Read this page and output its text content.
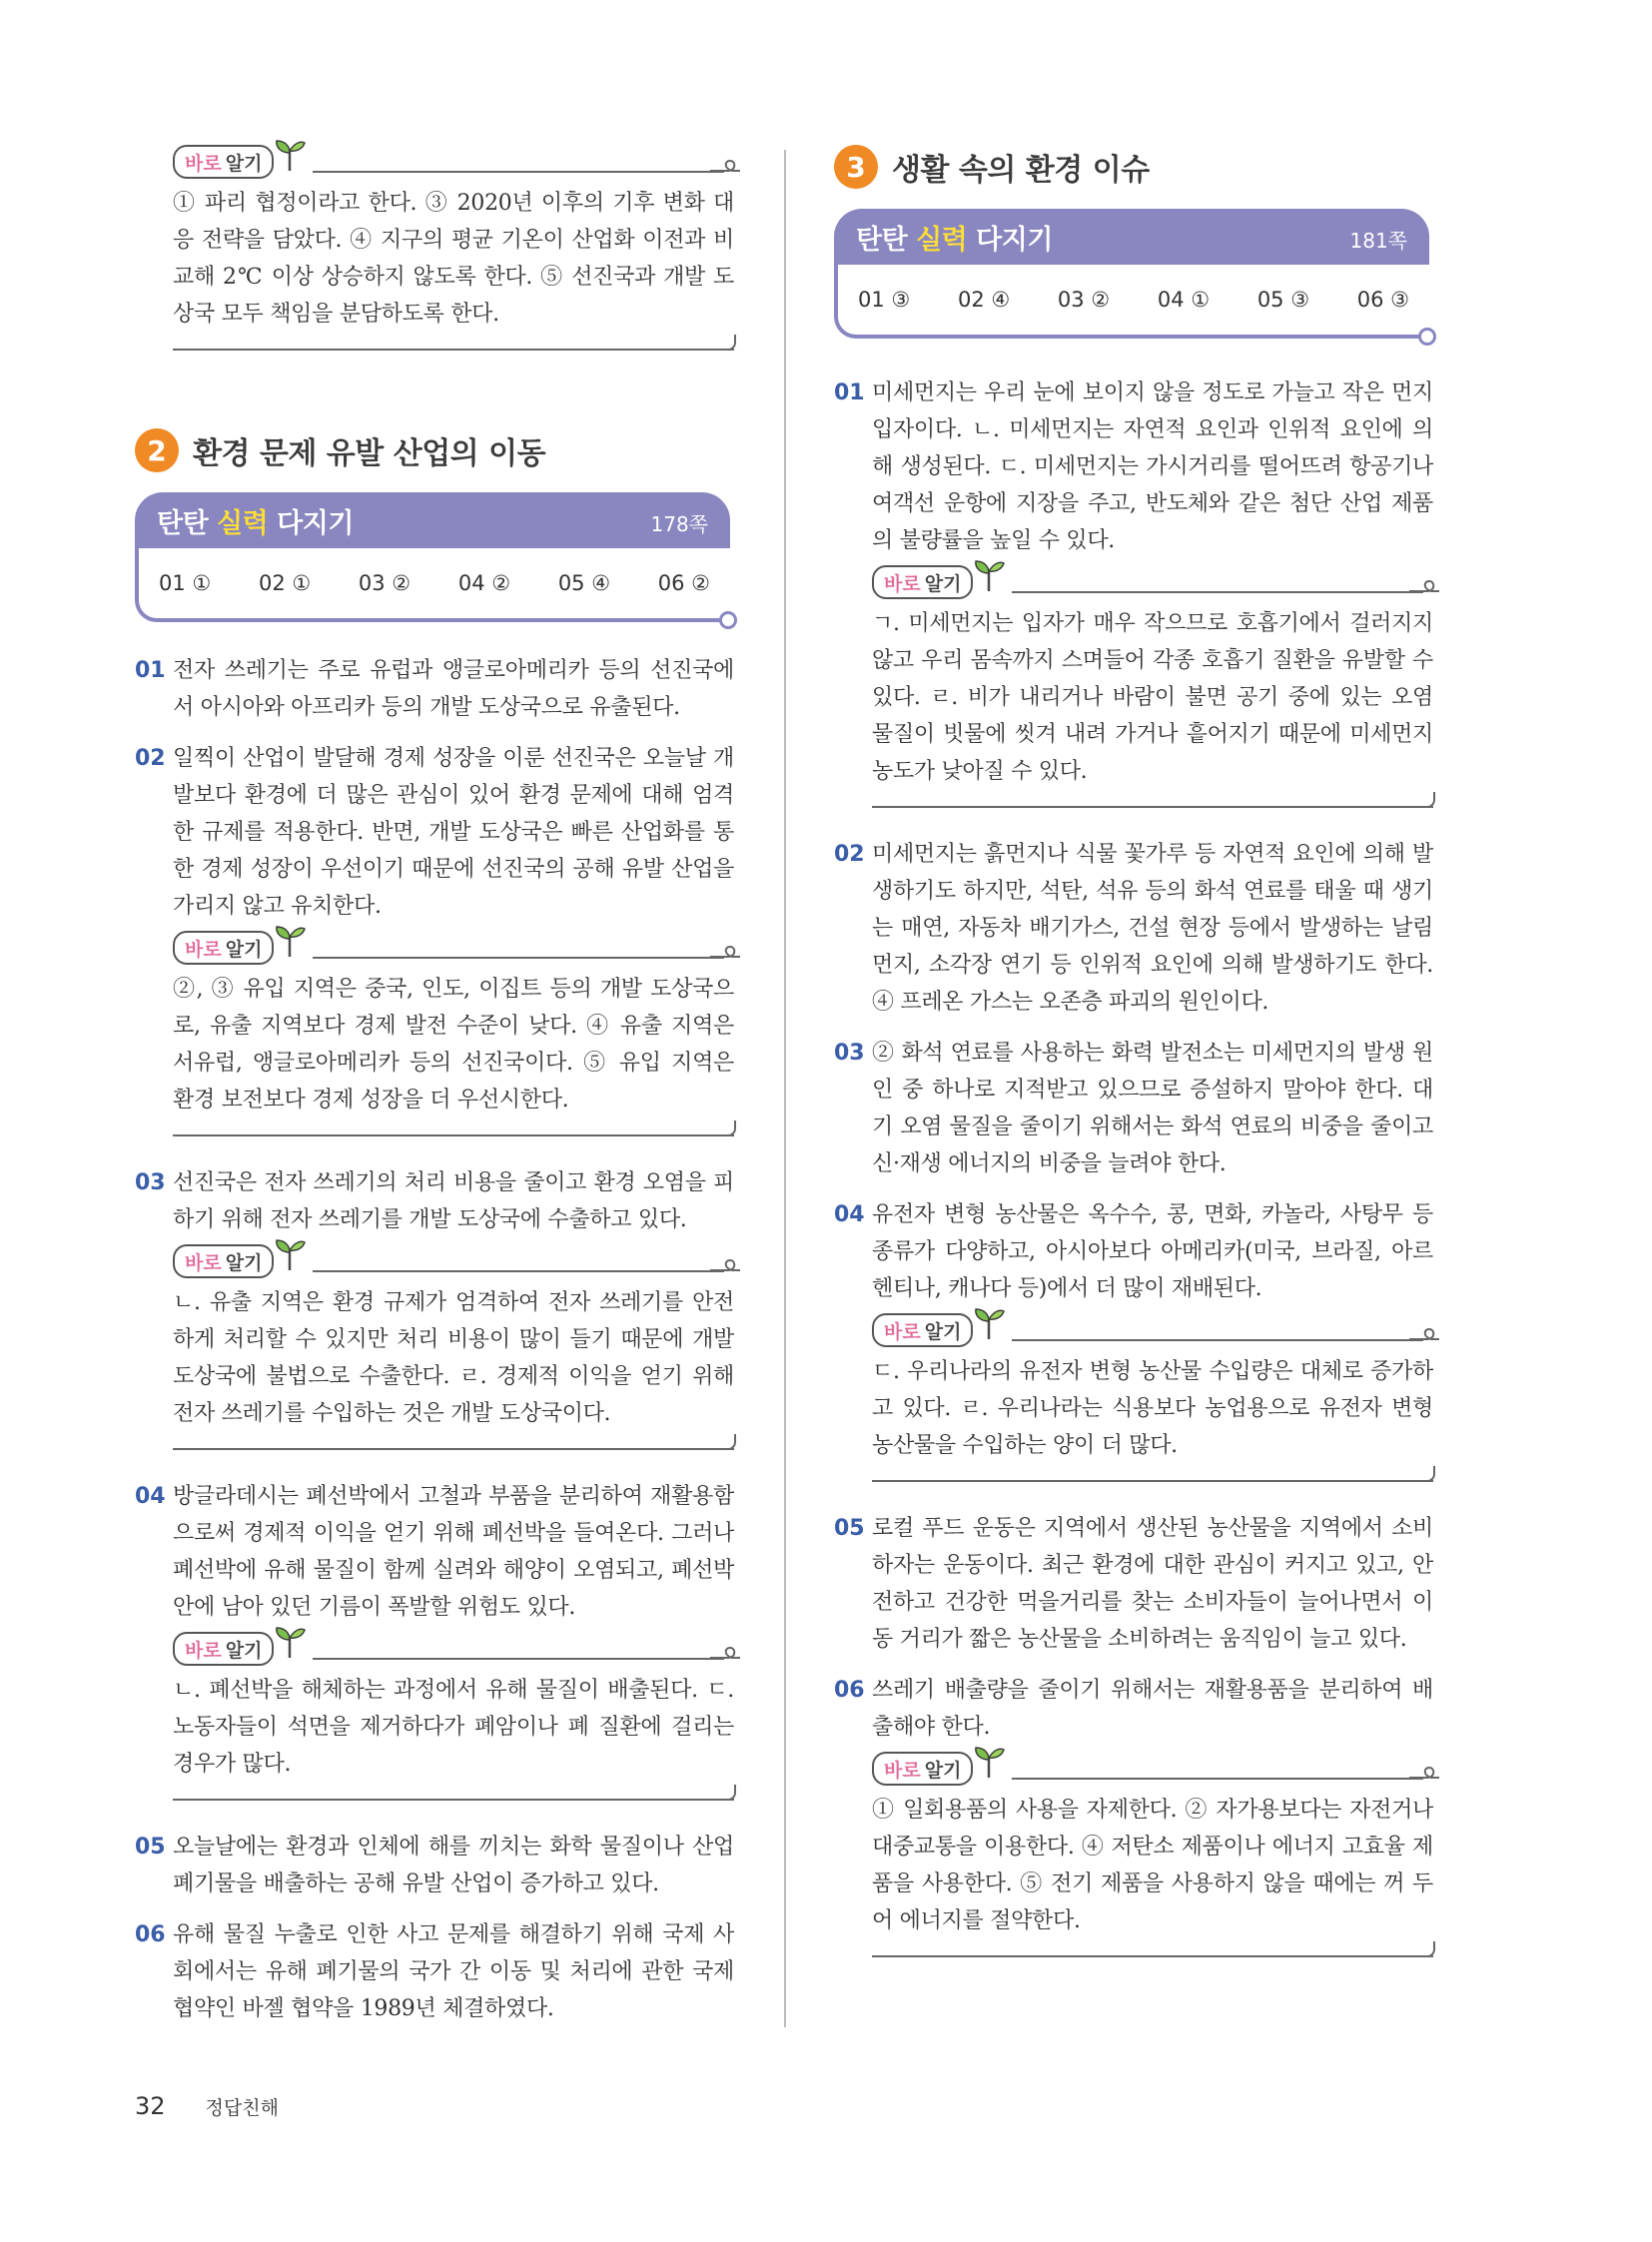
바로 알기

① 파리 협정이라고 한다. ③ 2020년 이후의 기후 변화 대응 전략을 담았다. ④ 지구의 평균 기온이 산업화 이전과 비교해 2℃ 이상 상승하지 않도록 한다. ⑤ 선진국과 개발 도상국 모두 책임을 분담하도록 한다.

2 환경 문제 유발 산업의 이동
탄탄 실력 다지기	178쪽
01 ① 02 ① 03 ② 04 ② 05 ④ 06 ②
01 전자 쓰레기는 주로 유럽과 앵글로아메리카 등의 선진국에서 아시아와 아프리카 등의 개발 도상국으로 유출된다.

02 일찍이 산업이 발달해 경제 성장을 이룬 선진국은 오늘날 개발보다 환경에 더 많은 관심이 있어 환경 문제에 대해 엄격한 규제를 적용한다. 반면, 개발 도상국은 빠른 산업화를 통한 경제 성장이 우선이기 때문에 선진국의 공해 유발 산업을 가리지 않고 유치한다.

바로 알기

②, ③ 유입 지역은 중국, 인도, 이집트 등의 개발 도상국으로, 유출 지역보다 경제 발전 수준이 낮다. ④ 유출 지역은 서유럽, 앵글로아메리카 등의 선진국이다. ⑤ 유입 지역은 환경 보전보다 경제 성장을 더 우선시한다.

03 선진국은 전자 쓰레기의 처리 비용을 줄이고 환경 오염을 피하기 위해 전자 쓰레기를 개발 도상국에 수출하고 있다.

바로 알기

ㄴ. 유출 지역은 환경 규제가 엄격하여 전자 쓰레기를 안전하게 처리할 수 있지만 처리 비용이 많이 들기 때문에 개발 도상국에 불법으로 수출한다. ㄹ. 경제적 이익을 얻기 위해 전자 쓰레기를 수입하는 것은 개발 도상국이다.

04 방글라데시는 폐선박에서 고철과 부품을 분리하여 재활용함으로써 경제적 이익을 얻기 위해 폐선박을 들여온다. 그러나 폐선박에 유해 물질이 함께 실려와 해양이 오염되고, 폐선박 안에 남아 있던 기름이 폭발할 위험도 있다.

바로 알기

ㄴ. 폐선박을 해체하는 과정에서 유해 물질이 배출된다. ㄷ. 노동자들이 석면을 제거하다가 폐암이나 폐 질환에 걸리는 경우가 많다.

05 오늘날에는 환경과 인체에 해를 끼치는 화학 물질이나 산업 폐기물을 배출하는 공해 유발 산업이 증가하고 있다.

06 유해 물질 누출로 인한 사고 문제를 해결하기 위해 국제 사회에서는 유해 폐기물의 국가 간 이동 및 처리에 관한 국제 협약인 바젤 협약을 1989년 체결하였다.

3 생활 속의 환경 이슈
탄탄 실력 다지기	181쪽
01 ③ 02 ④ 03 ② 04 ① 05 ③ 06 ③
01 미세먼지는 우리 눈에 보이지 않을 정도로 가늘고 작은 먼지 입자이다. ㄴ. 미세먼지는 자연적 요인과 인위적 요인에 의해 생성된다. ㄷ. 미세먼지는 가시거리를 떨어뜨려 항공기나 여객선 운항에 지장을 주고, 반도체와 같은 첨단 산업 제품의 불량률을 높일 수 있다.

바로 알기

ㄱ. 미세먼지는 입자가 매우 작으므로 호흡기에서 걸러지지 않고 우리 몸속까지 스며들어 각종 호흡기 질환을 유발할 수 있다. ㄹ. 비가 내리거나 바람이 불면 공기 중에 있는 오염 물질이 빗물에 씻겨 내려 가거나 흩어지기 때문에 미세먼지 농도가 낮아질 수 있다.

02 미세먼지는 흙먼지나 식물 꽃가루 등 자연적 요인에 의해 발생하기도 하지만, 석탄, 석유 등의 화석 연료를 태울 때 생기는 매연, 자동차 배기가스, 건설 현장 등에서 발생하는 날림 먼지, 소각장 연기 등 인위적 요인에 의해 발생하기도 한다. ④ 프레온 가스는 오존층 파괴의 원인이다.

03 ② 화석 연료를 사용하는 화력 발전소는 미세먼지의 발생 원인 중 하나로 지적받고 있으므로 증설하지 말아야 한다. 대기 오염 물질을 줄이기 위해서는 화석 연료의 비중을 줄이고 신·재생 에너지의 비중을 늘려야 한다.

04 유전자 변형 농산물은 옥수수, 콩, 면화, 카놀라, 사탕무 등 종류가 다양하고, 아시아보다 아메리카(미국, 브라질, 아르헨티나, 캐나다 등)에서 더 많이 재배된다.

바로 알기

ㄷ. 우리나라의 유전자 변형 농산물 수입량은 대체로 증가하고 있다. ㄹ. 우리나라는 식용보다 농업용으로 유전자 변형 농산물을 수입하는 양이 더 많다.

05 로컬 푸드 운동은 지역에서 생산된 농산물을 지역에서 소비하자는 운동이다. 최근 환경에 대한 관심이 커지고 있고, 안전하고 건강한 먹을거리를 찾는 소비자들이 늘어나면서 이동 거리가 짧은 농산물을 소비하려는 움직임이 늘고 있다.

06 쓰레기 배출량을 줄이기 위해서는 재활용품을 분리하여 배출해야 한다.

바로 알기

① 일회용품의 사용을 자제한다. ② 자가용보다는 자전거나 대중교통을 이용한다. ④ 저탄소 제품이나 에너지 고효율 제품을 사용한다. ⑤ 전기 제품을 사용하지 않을 때에는 꺼 두어 에너지를 절약한다.

32 정답친해
